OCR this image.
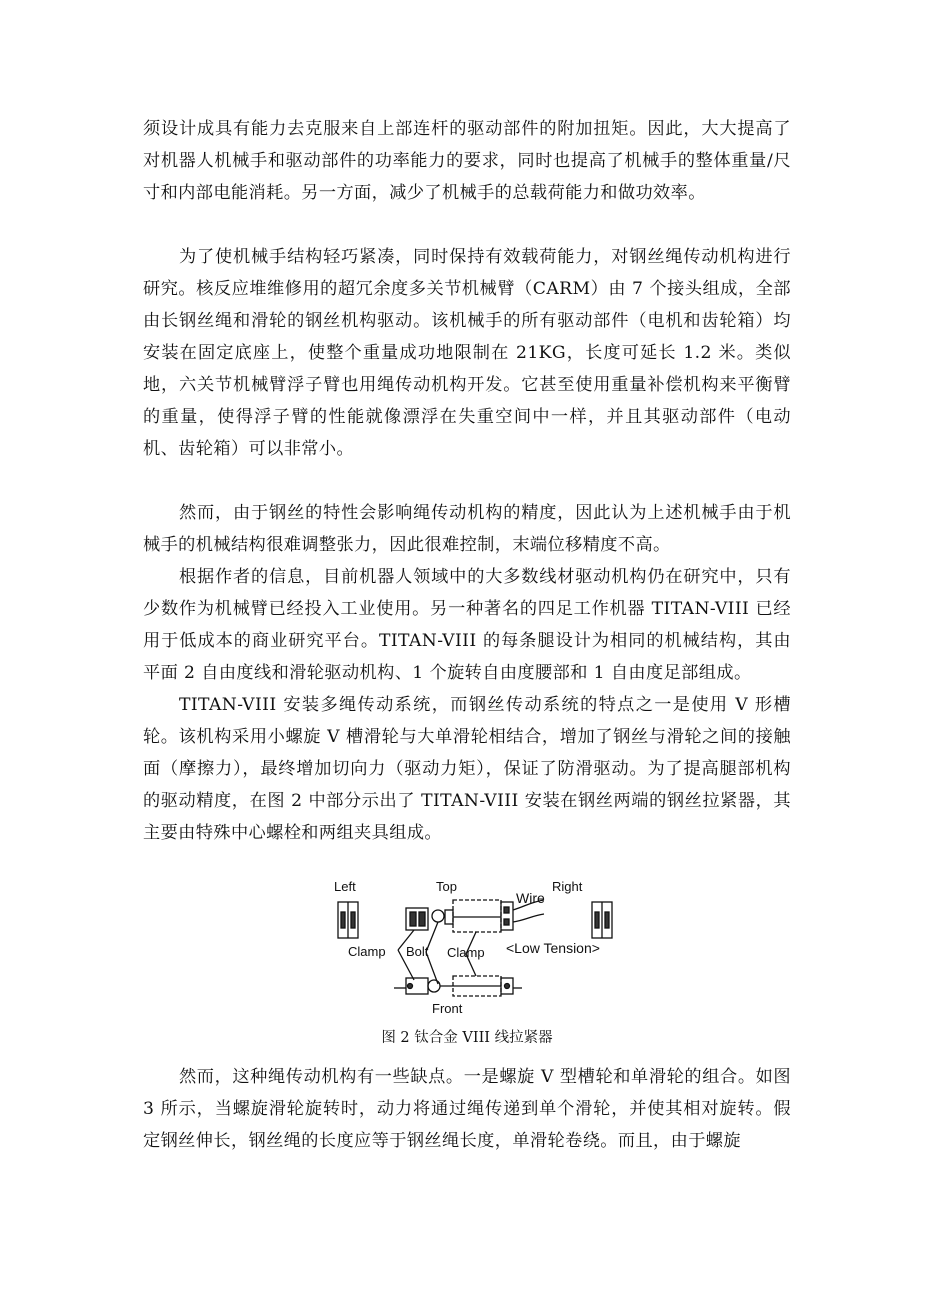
须设计成具有能力去克服来自上部连杆的驱动部件的附加扭矩。因此，大大提高了对机器人机械手和驱动部件的功率能力的要求，同时也提高了机械手的整体重量/尺寸和内部电能消耗。另一方面，减少了机械手的总载荷能力和做功效率。

为了使机械手结构轻巧紧凑，同时保持有效载荷能力，对钢丝绳传动机构进行研究。核反应堆维修用的超冗余度多关节机械臂（CARM）由 7 个接头组成，全部由长钢丝绳和滑轮的钢丝机构驱动。该机械手的所有驱动部件（电机和齿轮箱）均安装在固定底座上，使整个重量成功地限制在 21KG，长度可延长 1.2 米。类似地，六关节机械臂浮子臂也用绳传动机构开发。它甚至使用重量补偿机构来平衡臂的重量，使得浮子臂的性能就像漂浮在失重空间中一样，并且其驱动部件（电动机、齿轮箱）可以非常小。

然而，由于钢丝的特性会影响绳传动机构的精度，因此认为上述机械手由于机械手的机械结构很难调整张力，因此很难控制，末端位移精度不高。

根据作者的信息，目前机器人领域中的大多数线材驱动机构仍在研究中，只有少数作为机械臂已经投入工业使用。另一种著名的四足工作机器 TITAN-VIII 已经用于低成本的商业研究平台。TITAN-VIII 的每条腿设计为相同的机械结构，其由平面 2 自由度线和滑轮驱动机构、1 个旋转自由度腰部和 1 自由度足部组成。

TITAN-VIII 安装多绳传动系统，而钢丝传动系统的特点之一是使用 V 形槽轮。该机构采用小螺旋 V 槽滑轮与大单滑轮相结合，增加了钢丝与滑轮之间的接触面（摩擦力），最终增加切向力（驱动力矩），保证了防滑驱动。为了提高腿部机构的驱动精度，在图 2 中部分示出了 TITAN-VIII 安装在钢丝两端的钢丝拉紧器，其主要由特殊中心螺栓和两组夹具组成。

Left	Top	Right
Clamp Bolt Clamp
Front
Wire
<Low Tension>
图 2 钛合金 VIII 线拉紧器

然而，这种绳传动机构有一些缺点。一是螺旋 V 型槽轮和单滑轮的组合。如图 3 所示，当螺旋滑轮旋转时，动力将通过绳传递到单个滑轮，并使其相对旋转。假定钢丝伸长，钢丝绳的长度应等于钢丝绳长度，单滑轮卷绕。而且，由于螺旋
